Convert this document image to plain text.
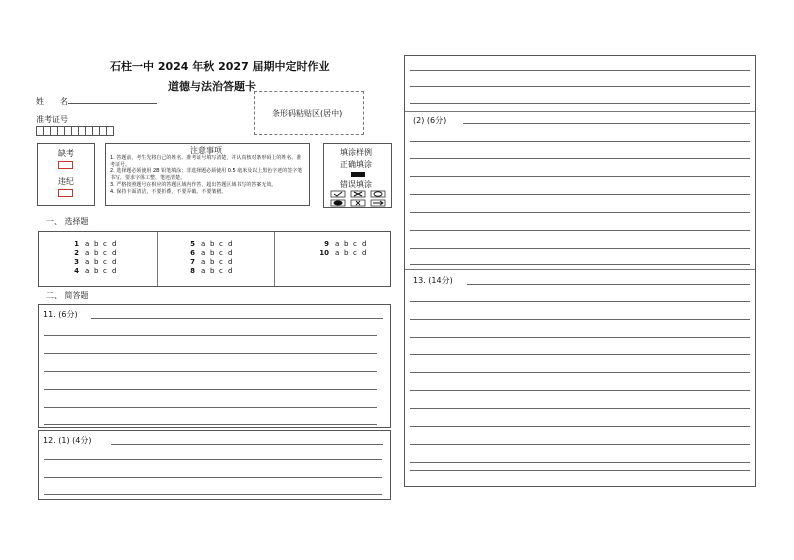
石柱一中 2024 年秋 2027 届期中定时作业
道德与法治答题卡
姓　　名
准考证号
条形码粘贴区(居中)
缺考
违纪
注意事项
1. 答题前，考生先将自己的姓名、准考证号填写清楚，并认真核对条形码上的姓名、准考证号。
2. 选择题必须使用 2B 铅笔填涂；非选择题必须使用 0.5 毫米及以上黑色字迹的签字笔书写，要求字体工整、笔迹清楚。
3. 严格按照题号在相应的答题区域内作答，超出答题区域书写的答案无效。
4. 保持卡面清洁，不要折叠，不要弄破、不要皱褶。
填涂样例
正确填涂
错误填涂
一、 选择题
1 a b c d
2 a b c d
3 a b c d
4 a b c d
5 a b c d
6 a b c d
7 a b c d
8 a b c d
9 a b c d
10 a b c d
二、 简答题
11. (6分)
12. (1) (4分)
(2) (6分)
13. (14分)
